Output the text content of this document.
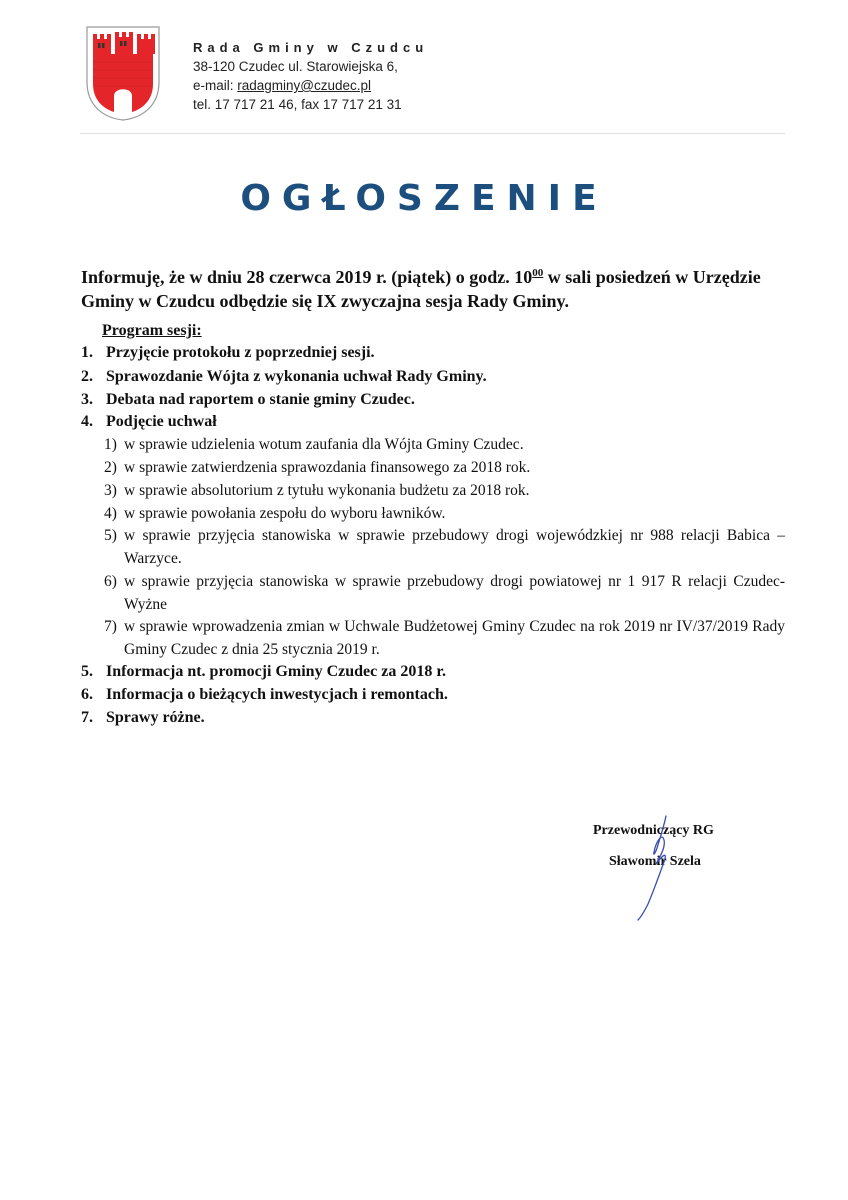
Rada Gminy w Czudcu
38-120 Czudec ul. Starowiejska 6,
e-mail: radagminy@czudec.pl
tel. 17 717 21 46, fax 17 717 21 31
OGŁOSZENIE
Informuję, że w dniu 28 czerwca 2019 r. (piątek) o godz. $10^{00}$ w sali posiedzeń w Urzędzie Gminy w Czudcu odbędzie się IX zwyczajna sesja Rady Gminy.
Program sesji:
1. Przyjęcie protokołu z poprzedniej sesji.
2. Sprawozdanie Wójta z wykonania uchwał Rady Gminy.
3. Debata nad raportem o stanie gminy Czudec.
4. Podjęcie uchwał
1) w sprawie udzielenia wotum zaufania dla Wójta Gminy Czudec.
2) w sprawie zatwierdzenia sprawozdania finansowego za 2018 rok.
3) w sprawie absolutorium z tytułu wykonania budżetu za 2018 rok.
4) w sprawie powołania zespołu do wyboru ławników.
5) w sprawie przyjęcia stanowiska w sprawie przebudowy drogi wojewódzkiej nr 988 relacji Babica – Warzyce.
6) w sprawie przyjęcia stanowiska w sprawie przebudowy drogi powiatowej nr 1 917 R relacji Czudec-Wyżne
7) w sprawie wprowadzenia zmian w Uchwale Budżetowej Gminy Czudec na rok 2019 nr IV/37/2019 Rady Gminy Czudec z dnia 25 stycznia 2019 r.
5. Informacja nt. promocji Gminy Czudec za 2018 r.
6. Informacja o bieżących inwestycjach i remontach.
7. Sprawy różne.
Przewodniczący RG
Sławomir Szela
